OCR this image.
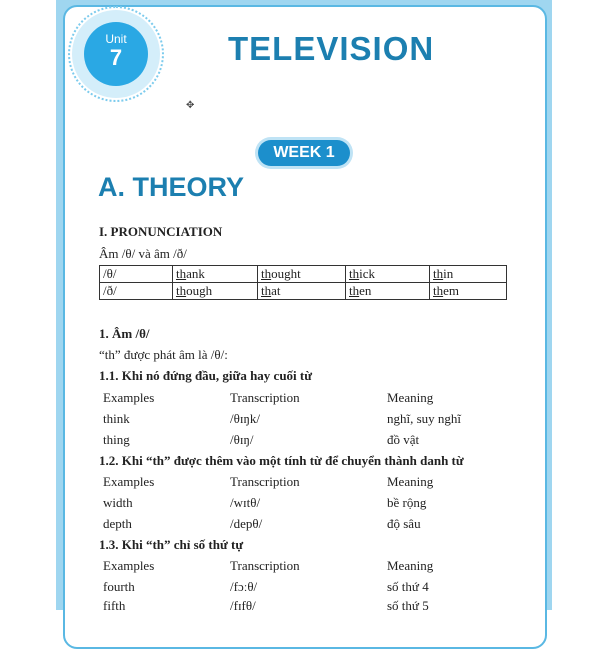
Unit
7	TELEVISION
✥
WEEK 1
A. THEORY
I. PRONUNCIATION
Âm /θ/ và âm /ð/
/θ/	thank	thought	thick	thin
/ð/	though	that	then	them
1. Âm /θ/
“th” được phát âm là /θ/:
1.1. Khi nó đứng đầu, giữa hay cuối từ
Examples	Transcription	Meaning
think	/θɪŋk/	nghĩ, suy nghĩ
thing	/θɪŋ/	đồ vật
1.2. Khi “th” được thêm vào một tính từ để chuyển thành danh từ
Examples	Transcription	Meaning
width	/wɪtθ/	bề rộng
depth	/depθ/	độ sâu
1.3. Khi “th” chỉ số thứ tự
Examples	Transcription	Meaning
fourth	/fɔːθ/	số thứ 4
fifth	/fɪfθ/	số thứ 5
